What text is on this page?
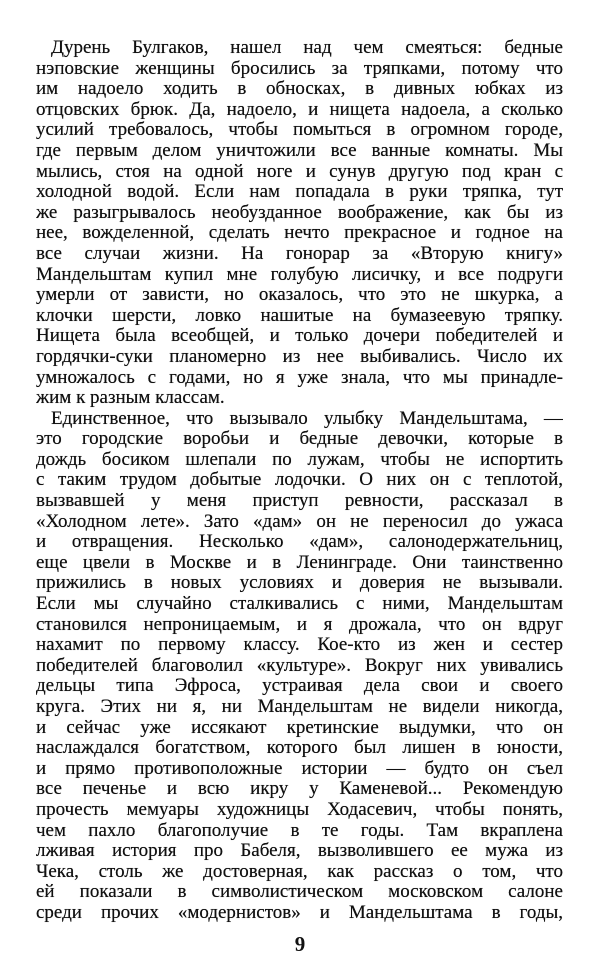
Дурень Булгаков, нашел над чем смеяться: бедные
нэповские женщины бросились за тряпками, потому что
им надоело ходить в обносках, в дивных юбках из
отцовских брюк. Да, надоело, и нищета надоела, а сколько
усилий требовалось, чтобы помыться в огромном городе,
где первым делом уничтожили все ванные комнаты. Мы
мылись, стоя на одной ноге и сунув другую под кран с
холодной водой. Если нам попадала в руки тряпка, тут
же разыгрывалось необузданное воображение, как бы из
нее, вожделенной, сделать нечто прекрасное и годное на
все случаи жизни. На гонорар за «Вторую книгу»
Мандельштам купил мне голубую лисичку, и все подруги
умерли от зависти, но оказалось, что это не шкурка, а
клочки шерсти, ловко нашитые на бумазеевую тряпку.
Нищета была всеобщей, и только дочери победителей и
гордячки-суки планомерно из нее выбивались. Число их
умножалось с годами, но я уже знала, что мы принадле-
жим к разным классам.
Единственное, что вызывало улыбку Мандельштама, —
это городские воробьи и бедные девочки, которые в
дождь босиком шлепали по лужам, чтобы не испортить
с таким трудом добытые лодочки. О них он с теплотой,
вызвавшей у меня приступ ревности, рассказал в
«Холодном лете». Зато «дам» он не переносил до ужаса
и отвращения. Несколько «дам», салонодержательниц,
еще цвели в Москве и в Ленинграде. Они таинственно
прижились в новых условиях и доверия не вызывали.
Если мы случайно сталкивались с ними, Мандельштам
становился непроницаемым, и я дрожала, что он вдруг
нахамит по первому классу. Кое-кто из жен и сестер
победителей благоволил «культуре». Вокруг них увивались
дельцы типа Эфроса, устраивая дела свои и своего
круга. Этих ни я, ни Мандельштам не видели никогда,
и сейчас уже иссякают кретинские выдумки, что он
наслаждался богатством, которого был лишен в юности,
и прямо противоположные истории — будто он съел
все печенье и всю икру у Каменевой... Рекомендую
прочесть мемуары художницы Ходасевич, чтобы понять,
чем пахло благополучие в те годы. Там вкраплена
лживая история про Бабеля, вызволившего ее мужа из
Чека, столь же достоверная, как рассказ о том, что
ей показали в символистическом московском салоне
среди прочих «модернистов» и Мандельштама в годы,
9
